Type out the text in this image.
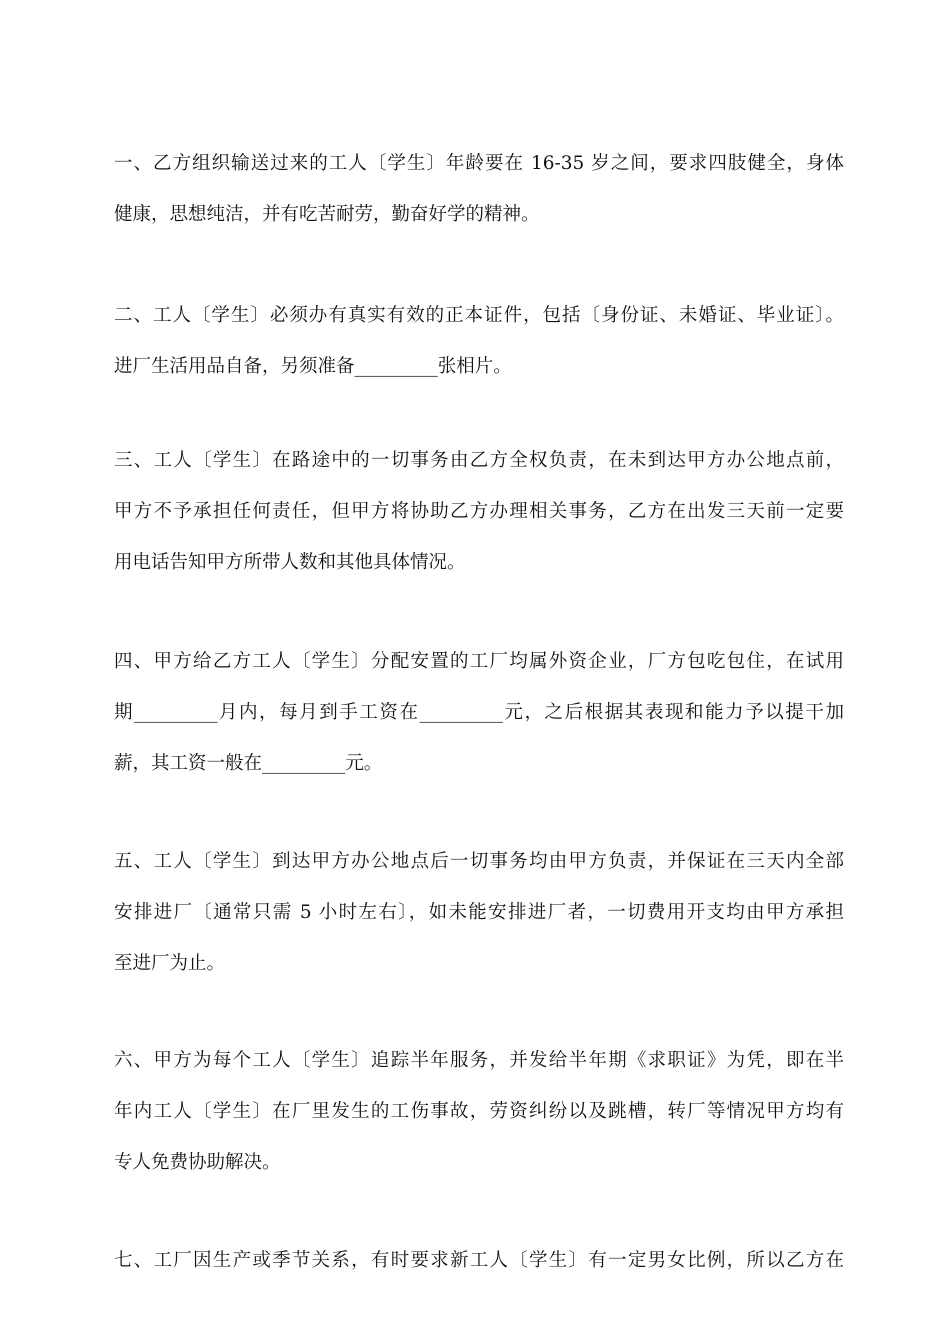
一、乙方组织输送过来的工人〔学生〕年龄要在 16-35 岁之间，要求四肢健全，身体
健康，思想纯洁，并有吃苦耐劳，勤奋好学的精神。
二、工人〔学生〕必须办有真实有效的正本证件，包括〔身份证、未婚证、毕业证〕。
进厂生活用品自备，另须准备_________张相片。
三、工人〔学生〕在路途中的一切事务由乙方全权负责，在未到达甲方办公地点前，
甲方不予承担任何责任，但甲方将协助乙方办理相关事务，乙方在出发三天前一定要
用电话告知甲方所带人数和其他具体情况。
四、甲方给乙方工人〔学生〕分配安置的工厂均属外资企业，厂方包吃包住，在试用
期_________月内，每月到手工资在_________元，之后根据其表现和能力予以提干加
薪，其工资一般在_________元。
五、工人〔学生〕到达甲方办公地点后一切事务均由甲方负责，并保证在三天内全部
安排进厂〔通常只需 5 小时左右〕，如未能安排进厂者，一切费用开支均由甲方承担
至进厂为止。
六、甲方为每个工人〔学生〕追踪半年服务，并发给半年期《求职证》为凭，即在半
年内工人〔学生〕在厂里发生的工伤事故，劳资纠纷以及跳槽，转厂等情况甲方均有
专人免费协助解决。
七、工厂因生产或季节关系，有时要求新工人〔学生〕有一定男女比例，所以乙方在
